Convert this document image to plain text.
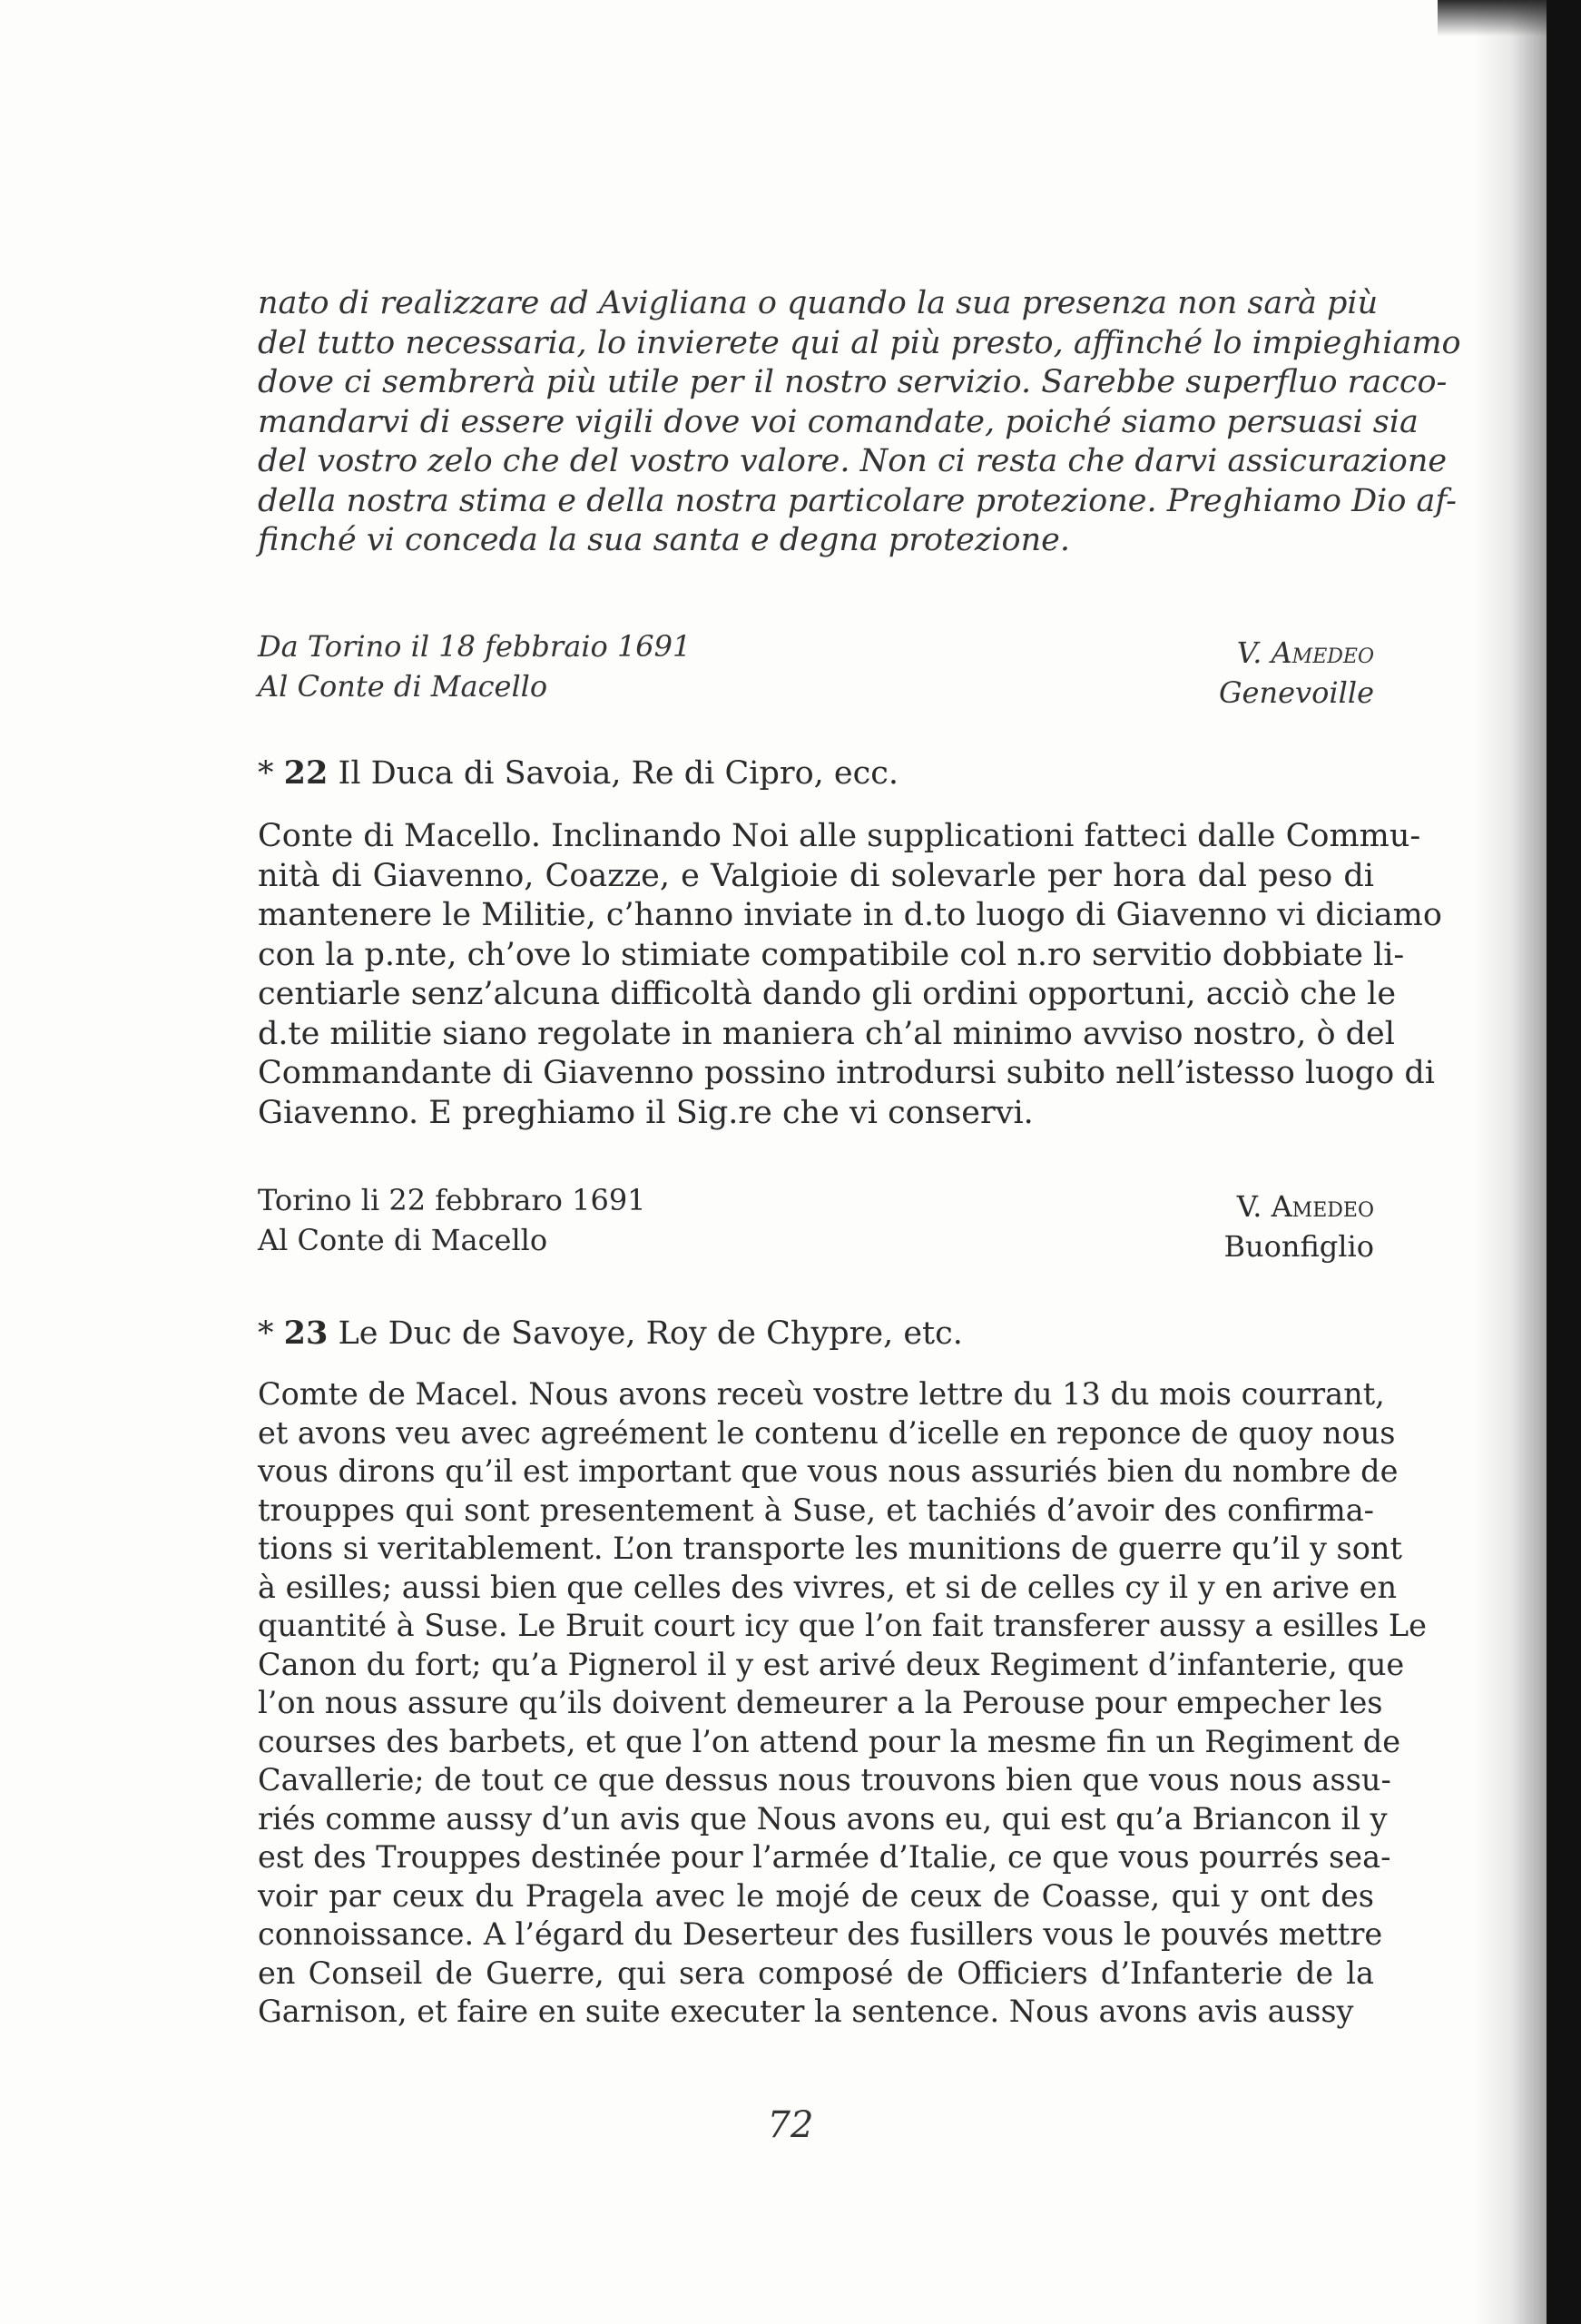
nato di realizzare ad Avigliana o quando la sua presenza non sarà più
del tutto necessaria, lo invierete qui al più presto, affinché lo impieghiamo
dove ci sembrerà più utile per il nostro servizio. Sarebbe superfluo racco-
mandarvi di essere vigili dove voi comandate, poiché siamo persuasi sia
del vostro zelo che del vostro valore. Non ci resta che darvi assicurazione
della nostra stima e della nostra particolare protezione. Preghiamo Dio af-
finché vi conceda la sua santa e degna protezione.
Da Torino il 18 febbraio 1691
Al Conte di Macello
V. Amedeo
Genevoille
* 22 Il Duca di Savoia, Re di Cipro, ecc.
Conte di Macello. Inclinando Noi alle supplicationi fatteci dalle Commu-
nità di Giavenno, Coazze, e Valgioie di solevarle per hora dal peso di
mantenere le Militie, c’hanno inviate in d.to luogo di Giavenno vi diciamo
con la p.nte, ch’ove lo stimiate compatibile col n.ro servitio dobbiate li-
centiarle senz’alcuna difficoltà dando gli ordini opportuni, acciò che le
d.te militie siano regolate in maniera ch’al minimo avviso nostro, ò del
Commandante di Giavenno possino introdursi subito nell’istesso luogo di
Giavenno. E preghiamo il Sig.re che vi conservi.
Torino li 22 febbraro 1691
Al Conte di Macello
V. Amedeo
Buonfiglio
* 23 Le Duc de Savoye, Roy de Chypre, etc.
Comte de Macel. Nous avons receù vostre lettre du 13 du mois courrant,
et avons veu avec agreément le contenu d’icelle en reponce de quoy nous
vous dirons qu’il est important que vous nous assuriés bien du nombre de
trouppes qui sont presentement à Suse, et tachiés d’avoir des confirma-
tions si veritablement. L’on transporte les munitions de guerre qu’il y sont
à esilles; aussi bien que celles des vivres, et si de celles cy il y en arive en
quantité à Suse. Le Bruit court icy que l’on fait transferer aussy a esilles Le
Canon du fort; qu’a Pignerol il y est arivé deux Regiment d’infanterie, que
l’on nous assure qu’ils doivent demeurer a la Perouse pour empecher les
courses des barbets, et que l’on attend pour la mesme fin un Regiment de
Cavallerie; de tout ce que dessus nous trouvons bien que vous nous assu-
riés comme aussy d’un avis que Nous avons eu, qui est qu’a Briancon il y
est des Trouppes destinée pour l’armée d’Italie, ce que vous pourrés sea-
voir par ceux du Pragela avec le mojé de ceux de Coasse, qui y ont des
connoissance. A l’égard du Deserteur des fusillers vous le pouvés mettre
en Conseil de Guerre, qui sera composé de Officiers d’Infanterie de la
Garnison, et faire en suite executer la sentence. Nous avons avis aussy
72
